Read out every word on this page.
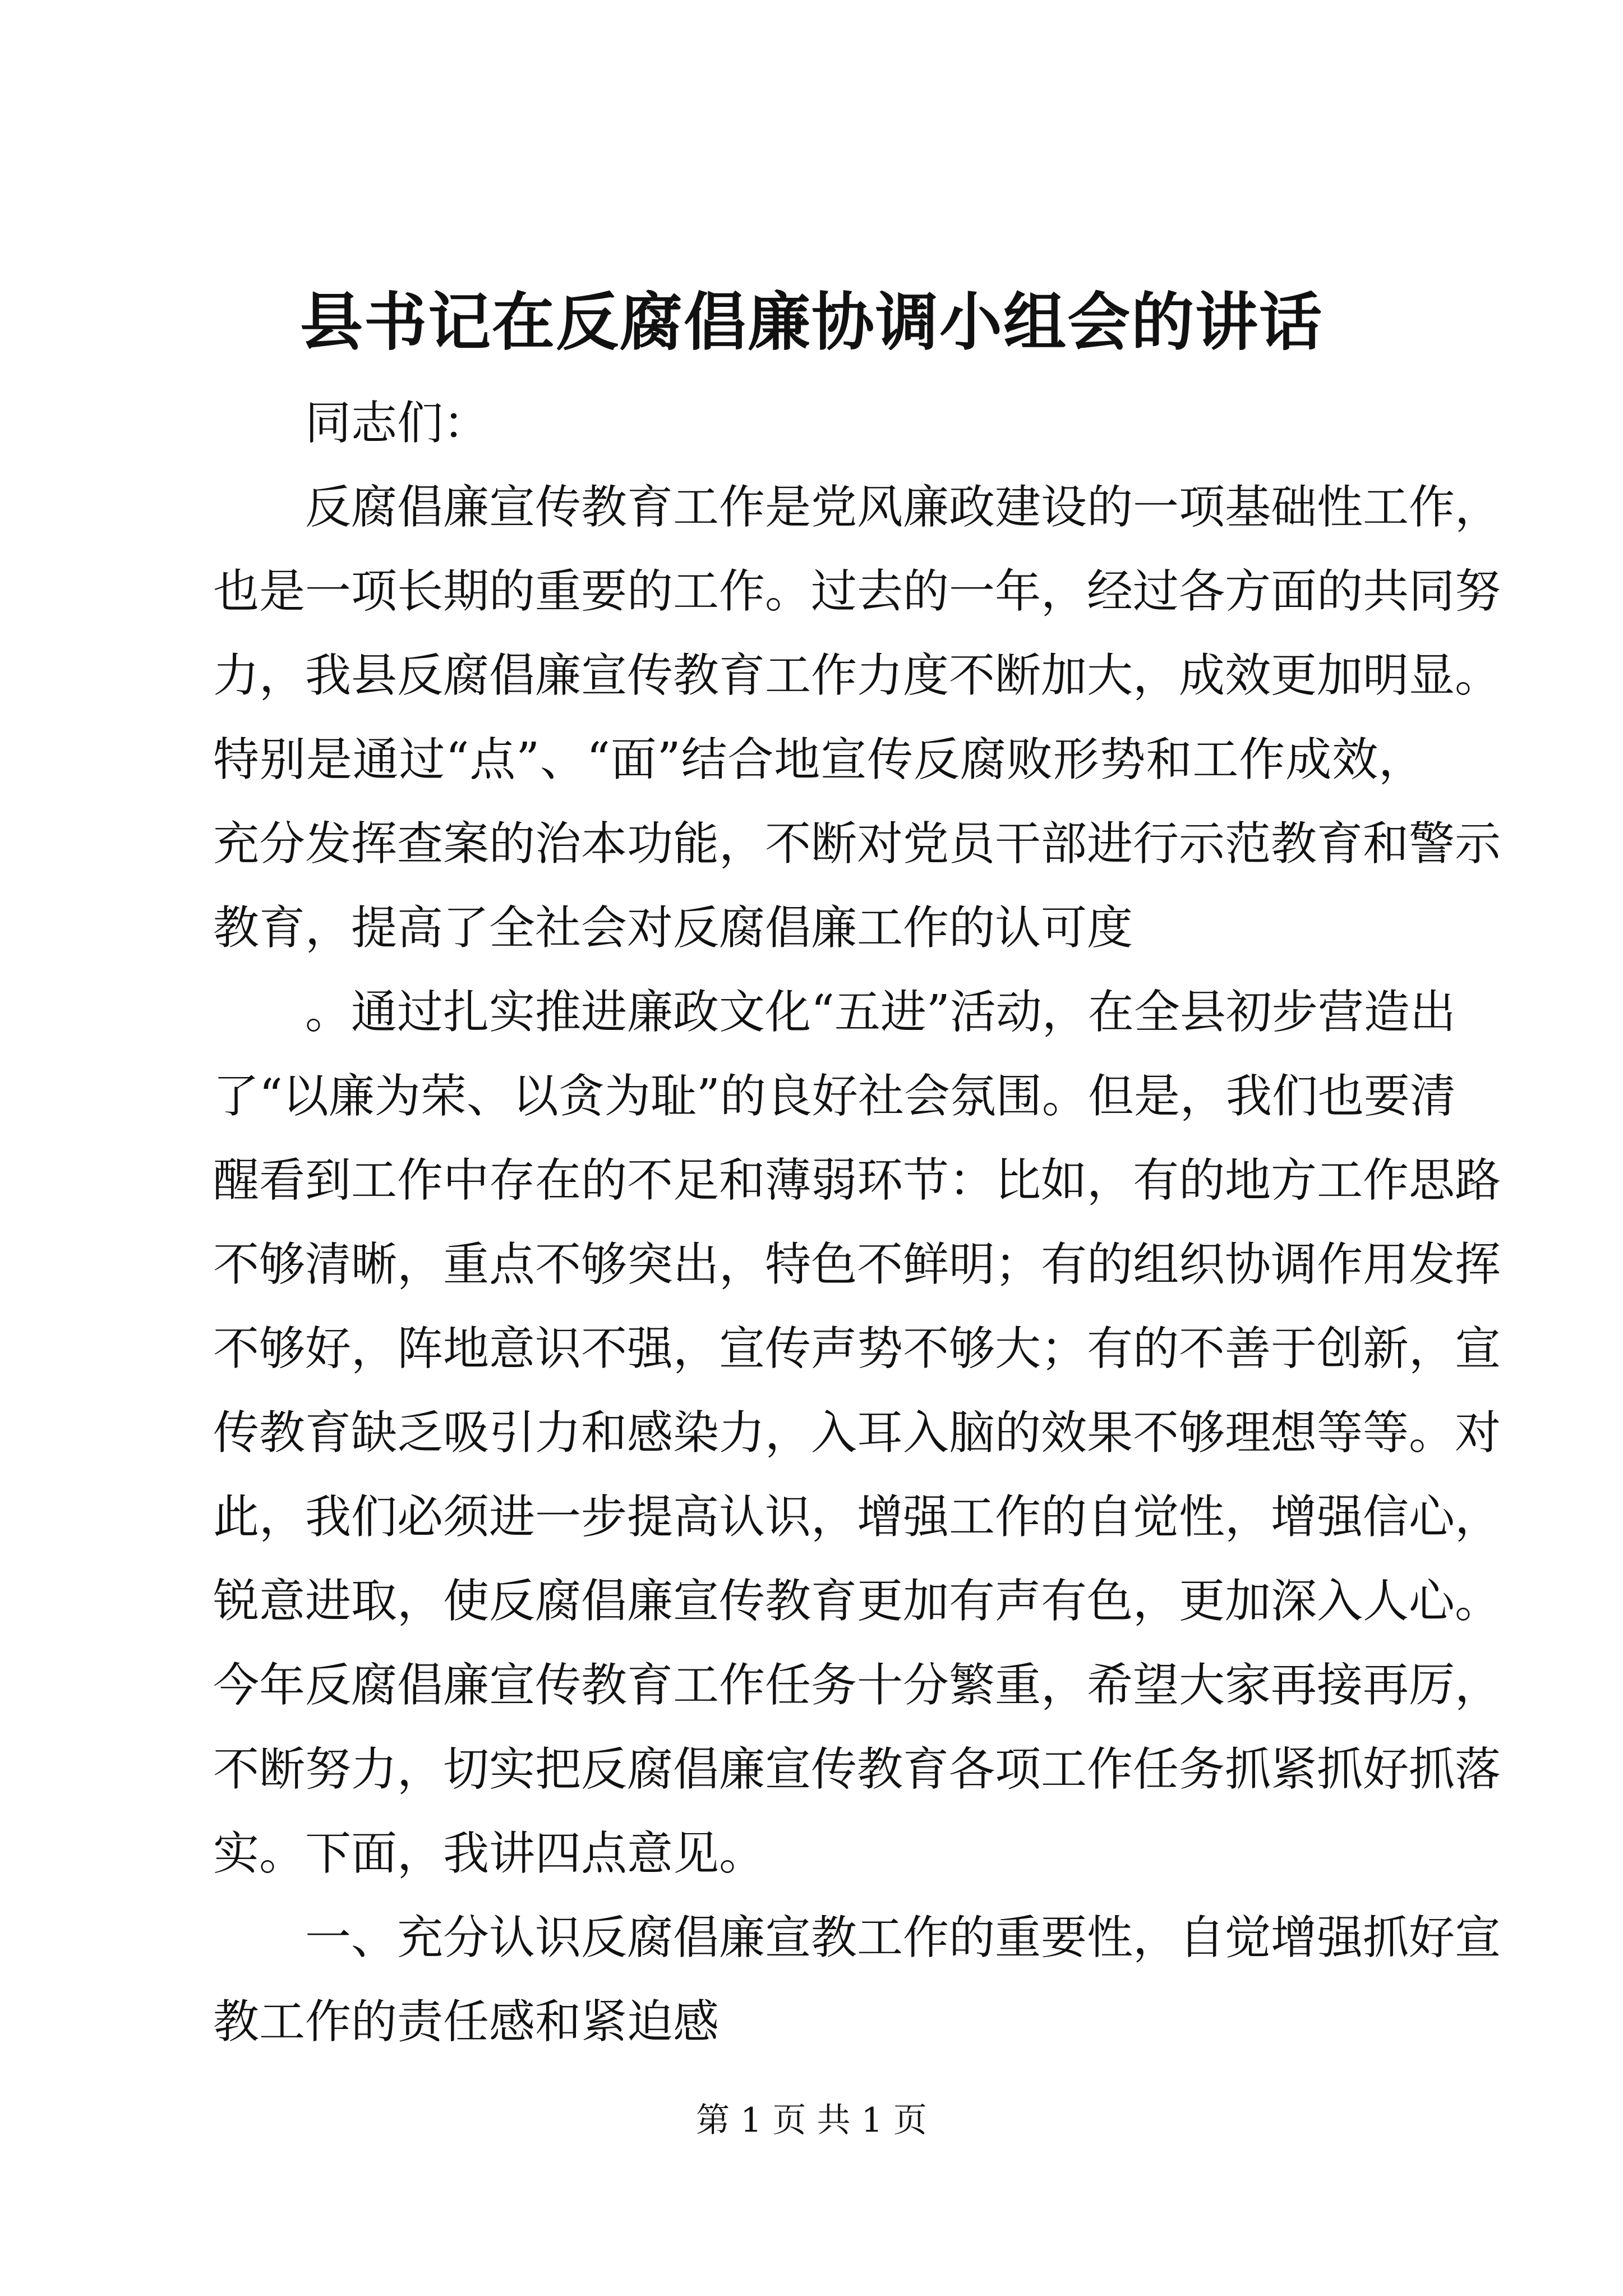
县书记在反腐倡廉协调小组会的讲话
同志们：
反腐倡廉宣传教育工作是党风廉政建设的一项基础性工作，
也是一项长期的重要的工作。过去的一年，经过各方面的共同努
力，我县反腐倡廉宣传教育工作力度不断加大，成效更加明显。
特别是通过“点”、“面”结合地宣传反腐败形势和工作成效，
充分发挥查案的治本功能，不断对党员干部进行示范教育和警示
教育，提高了全社会对反腐倡廉工作的认可度
。通过扎实推进廉政文化“五进”活动，在全县初步营造出
了“以廉为荣、以贪为耻”的良好社会氛围。但是，我们也要清
醒看到工作中存在的不足和薄弱环节：比如，有的地方工作思路
不够清晰，重点不够突出，特色不鲜明；有的组织协调作用发挥
不够好，阵地意识不强，宣传声势不够大；有的不善于创新，宣
传教育缺乏吸引力和感染力，入耳入脑的效果不够理想等等。对
此，我们必须进一步提高认识，增强工作的自觉性，增强信心，
锐意进取，使反腐倡廉宣传教育更加有声有色，更加深入人心。
今年反腐倡廉宣传教育工作任务十分繁重，希望大家再接再厉，
不断努力，切实把反腐倡廉宣传教育各项工作任务抓紧抓好抓落
实。下面，我讲四点意见。
一、充分认识反腐倡廉宣教工作的重要性，自觉增强抓好宣
教工作的责任感和紧迫感
第 1 页 共 1 页
